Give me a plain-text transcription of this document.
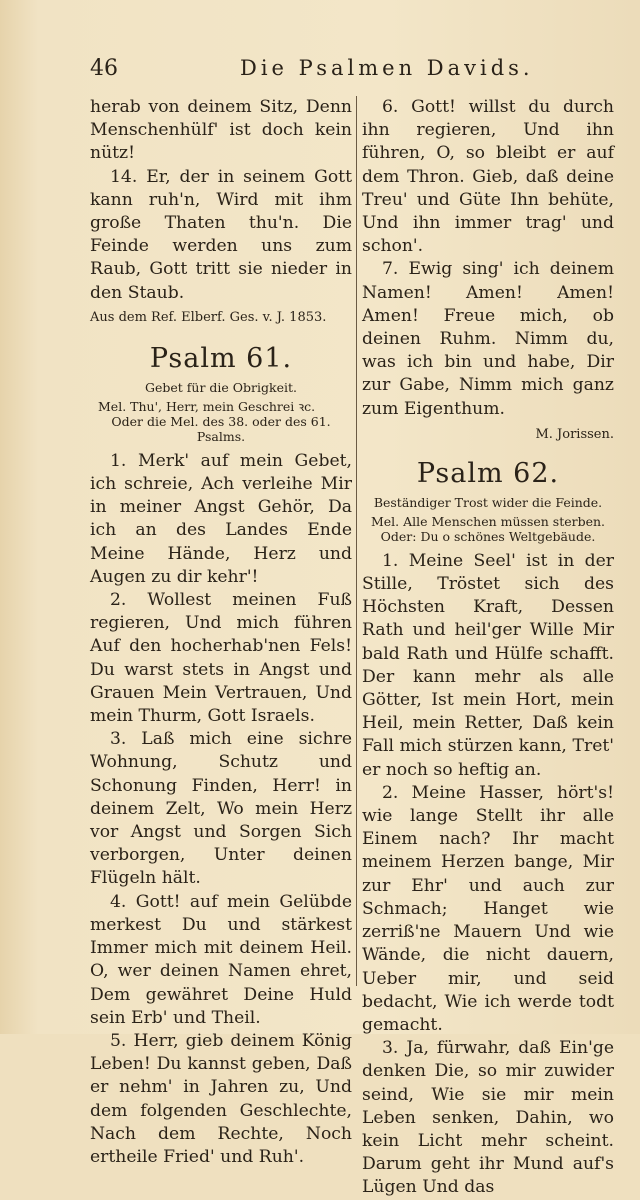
46	Die Psalmen Davids.

herab von deinem Sitz, Denn Menschenhülf' ist doch kein nütz!

14. Er, der in seinem Gott kann ruh'n, Wird mit ihm große Thaten thu'n. Die Feinde werden uns zum Raub, Gott tritt sie nieder in den Staub.

Aus dem Ref. Elberf. Ges. v. J. 1853.

Psalm 61.
Gebet für die Obrigkeit.

Mel. Thu', Herr, mein Geschrei ꝛc.

Oder die Mel. des 38. oder des 61. Psalms.

1. Merk' auf mein Gebet, ich schreie, Ach verleihe Mir in meiner Angst Gehör, Da ich an des Landes Ende Meine Hände, Herz und Augen zu dir kehr'!

2. Wollest meinen Fuß regieren, Und mich führen Auf den hocherhab'nen Fels! Du warst stets in Angst und Grauen Mein Vertrauen, Und mein Thurm, Gott Israels.

3. Laß mich eine sichre Wohnung, Schutz und Schonung Finden, Herr! in deinem Zelt, Wo mein Herz vor Angst und Sorgen Sich verborgen, Unter deinen Flügeln hält.

4. Gott! auf mein Gelübde merkest Du und stärkest Immer mich mit deinem Heil. O, wer deinen Namen ehret, Dem gewähret Deine Huld sein Erb' und Theil.

5. Herr, gieb deinem König Leben! Du kannst geben, Daß er nehm' in Jahren zu, Und dem folgenden Geschlechte, Nach dem Rechte, Noch ertheile Fried' und Ruh'.

6. Gott! willst du durch ihn regieren, Und ihn führen, O, so bleibt er auf dem Thron. Gieb, daß deine Treu' und Güte Ihn behüte, Und ihn immer trag' und schon'.

7. Ewig sing' ich deinem Namen! Amen! Amen! Amen! Freue mich, ob deinen Ruhm. Nimm du, was ich bin und habe, Dir zur Gabe, Nimm mich ganz zum Eigenthum.

M. Jorissen.

Psalm 62.
Beständiger Trost wider die Feinde.

Mel. Alle Menschen müssen sterben.

Oder: Du o schönes Weltgebäude.

1. Meine Seel' ist in der Stille, Tröstet sich des Höchsten Kraft, Dessen Rath und heil'ger Wille Mir bald Rath und Hülfe schafft. Der kann mehr als alle Götter, Ist mein Hort, mein Heil, mein Retter, Daß kein Fall mich stürzen kann, Tret' er noch so heftig an.

2. Meine Hasser, hört's! wie lange Stellt ihr alle Einem nach? Ihr macht meinem Herzen bange, Mir zur Ehr' und auch zur Schmach; Hanget wie zerriß'ne Mauern Und wie Wände, die nicht dauern, Ueber mir, und seid bedacht, Wie ich werde todt gemacht.

3. Ja, fürwahr, daß Ein'ge denken Die, so mir zuwider seind, Wie sie mir mein Leben senken, Dahin, wo kein Licht mehr scheint. Darum geht ihr Mund auf's Lügen Und das
